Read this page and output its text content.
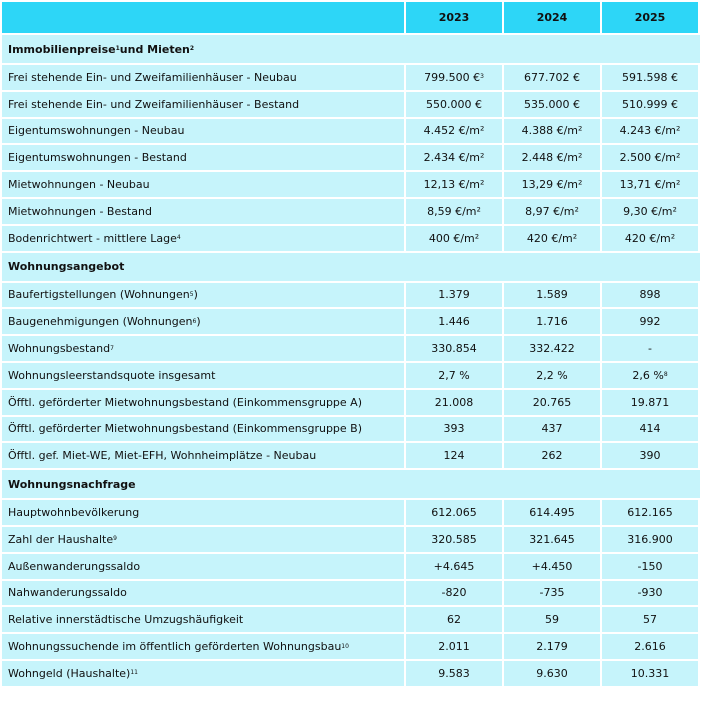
2023	2024	2025
Immobilienpreise 1 und Mieten 2
Frei stehende Ein- und Zweifamilienhäuser - Neubau	799.500 € 3	677.702 €	591.598 €
Frei stehende Ein- und Zweifamilienhäuser - Bestand	550.000 €	535.000 €	510.999 €
Eigentumswohnungen - Neubau	4.452 €/m²	4.388 €/m²	4.243 €/m²
Eigentumswohnungen - Bestand	2.434 €/m²	2.448 €/m²	2.500 €/m²
Mietwohnungen - Neubau	12,13 €/m²	13,29 €/m²	13,71 €/m²
Mietwohnungen - Bestand	8,59 €/m²	8,97 €/m²	9,30 €/m²
Bodenrichtwert - mittlere Lage 4	400 €/m²	420 €/m²	420 €/m²
Wohnungsangebot
Baufertigstellungen (Wohnungen 5 )	1.379	1.589	898
Baugenehmigungen (Wohnungen 6 )	1.446	1.716	992
Wohnungsbestand 7	330.854	332.422	-
Wohnungsleerstandsquote insgesamt	2,7 %	2,2 %	2,6 % 8
Öfftl. geförderter Mietwohnungsbestand (Einkommensgruppe A)	21.008	20.765	19.871
Öfftl. geförderter Mietwohnungsbestand (Einkommensgruppe B)	393	437	414
Öfftl. gef. Miet-WE, Miet-EFH, Wohnheimplätze - Neubau	124	262	390
Wohnungsnachfrage
Hauptwohnbevölkerung	612.065	614.495	612.165
Zahl der Haushalte 9	320.585	321.645	316.900
Außenwanderungssaldo	+4.645	+4.450	-150
Nahwanderungssaldo	-820	-735	-930
Relative innerstädtische Umzugshäufigkeit	62	59	57
Wohnungssuchende im öffentlich geförderten Wohnungsbau 10	2.011	2.179	2.616
Wohngeld (Haushalte) 11	9.583	9.630	10.331
